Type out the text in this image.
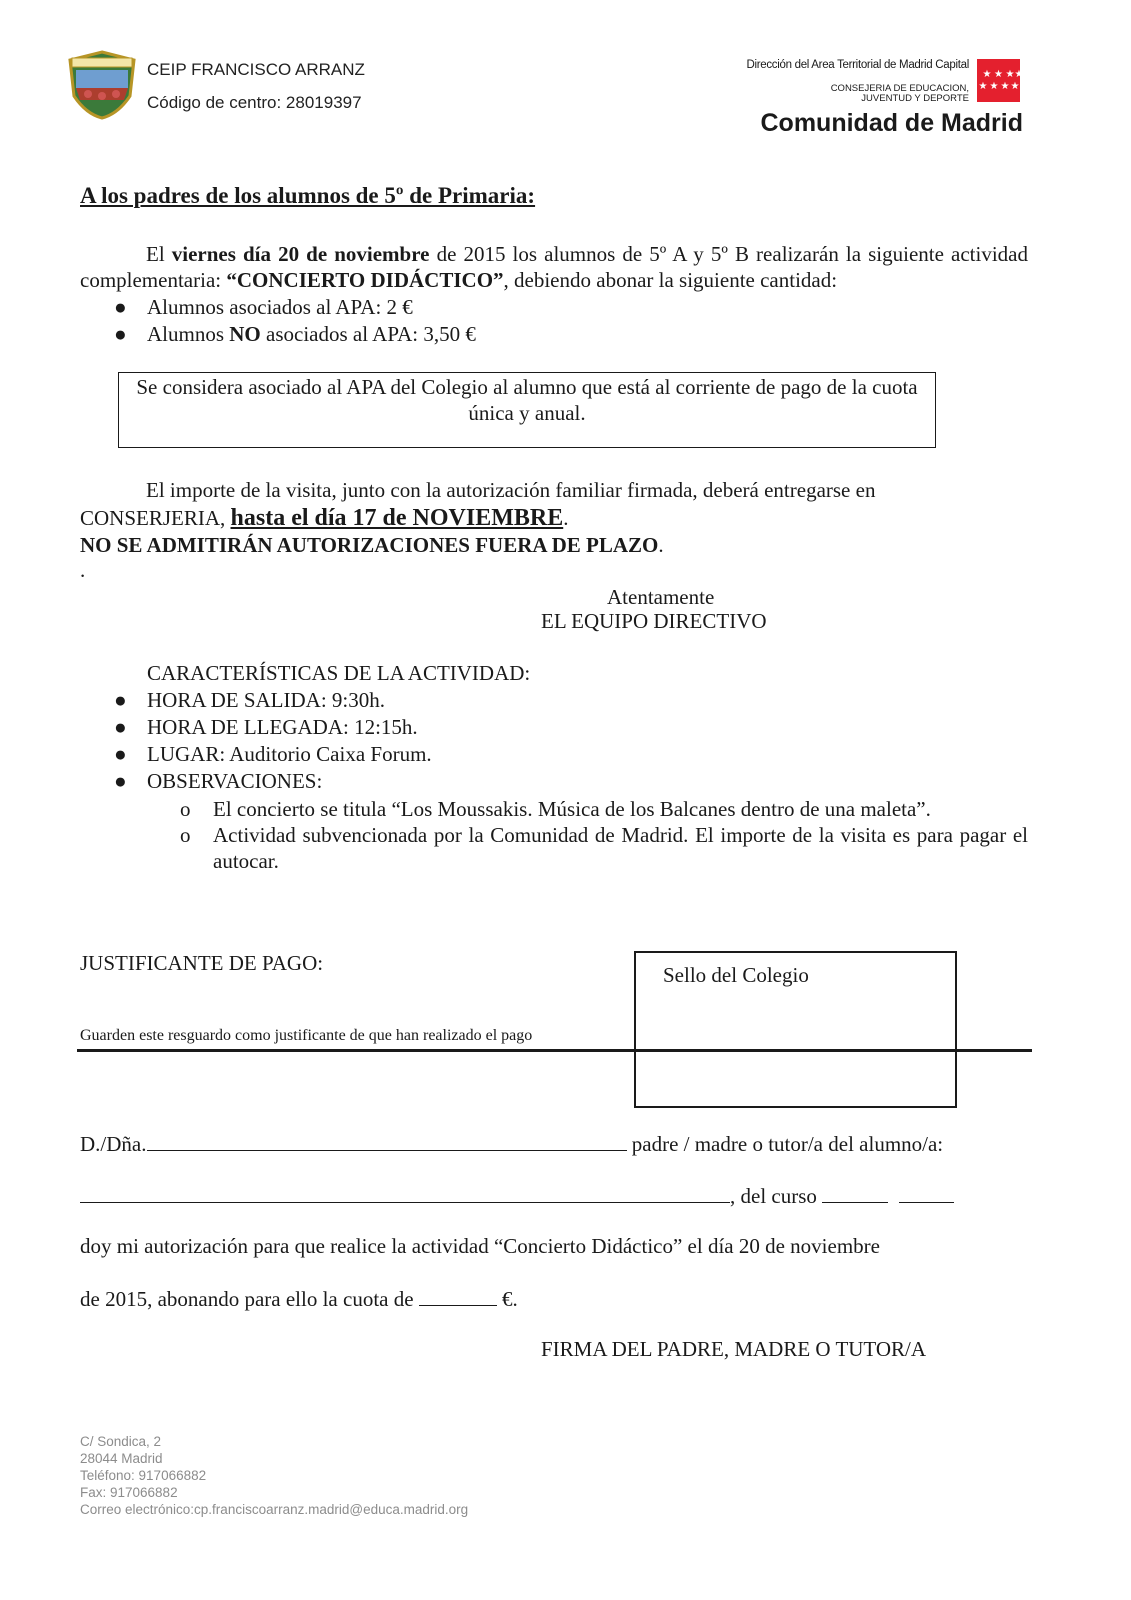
CEIP FRANCISCO ARRANZ
Código de centro: 28019397
Dirección del Area Territorial de Madrid Capital
CONSEJERIA DE EDUCACION,
JUVENTUD Y DEPORTE
★ ★ ★ ★
★ ★ ★ ★
Comunidad de Madrid
A los padres de los alumnos de 5º de Primaria:
El viernes día 20 de noviembre de 2015 los alumnos de 5º A y 5º B realizarán la siguiente actividad complementaria: “CONCIERTO DIDÁCTICO”, debiendo abonar la siguiente cantidad:
● Alumnos asociados al APA: 2 €
● Alumnos NO asociados al APA: 3,50 €
Se considera asociado al APA del Colegio al alumno que está al corriente de pago de la cuota única y anual.
El importe de la visita, junto con la autorización familiar firmada, deberá entregarse en CONSERJERIA, hasta el día 17 de NOVIEMBRE.
NO SE ADMITIRÁN AUTORIZACIONES FUERA DE PLAZO.
.
Atentamente
EL EQUIPO DIRECTIVO
CARACTERÍSTICAS DE LA ACTIVIDAD:
● HORA DE SALIDA: 9:30h.
● HORA DE LLEGADA: 12:15h.
● LUGAR: Auditorio Caixa Forum.
● OBSERVACIONES:
o El concierto se titula “Los Moussakis. Música de los Balcanes dentro de una maleta”.
o Actividad subvencionada por la Comunidad de Madrid. El importe de la visita es para pagar el autocar.
JUSTIFICANTE DE PAGO:
Guarden este resguardo como justificante de que han realizado el pago
Sello del Colegio
D./Dña.	padre / madre o tutor/a del alumno/a:
, del curso
doy mi autorización para que realice la actividad “Concierto Didáctico” el día 20 de noviembre
de 2015, abonando para ello la cuota de	€.
FIRMA DEL PADRE, MADRE O TUTOR/A
C/ Sondica, 2
28044 Madrid
Teléfono: 917066882
Fax: 917066882
Correo electrónico:cp.franciscoarranz.madrid@educa.madrid.org
